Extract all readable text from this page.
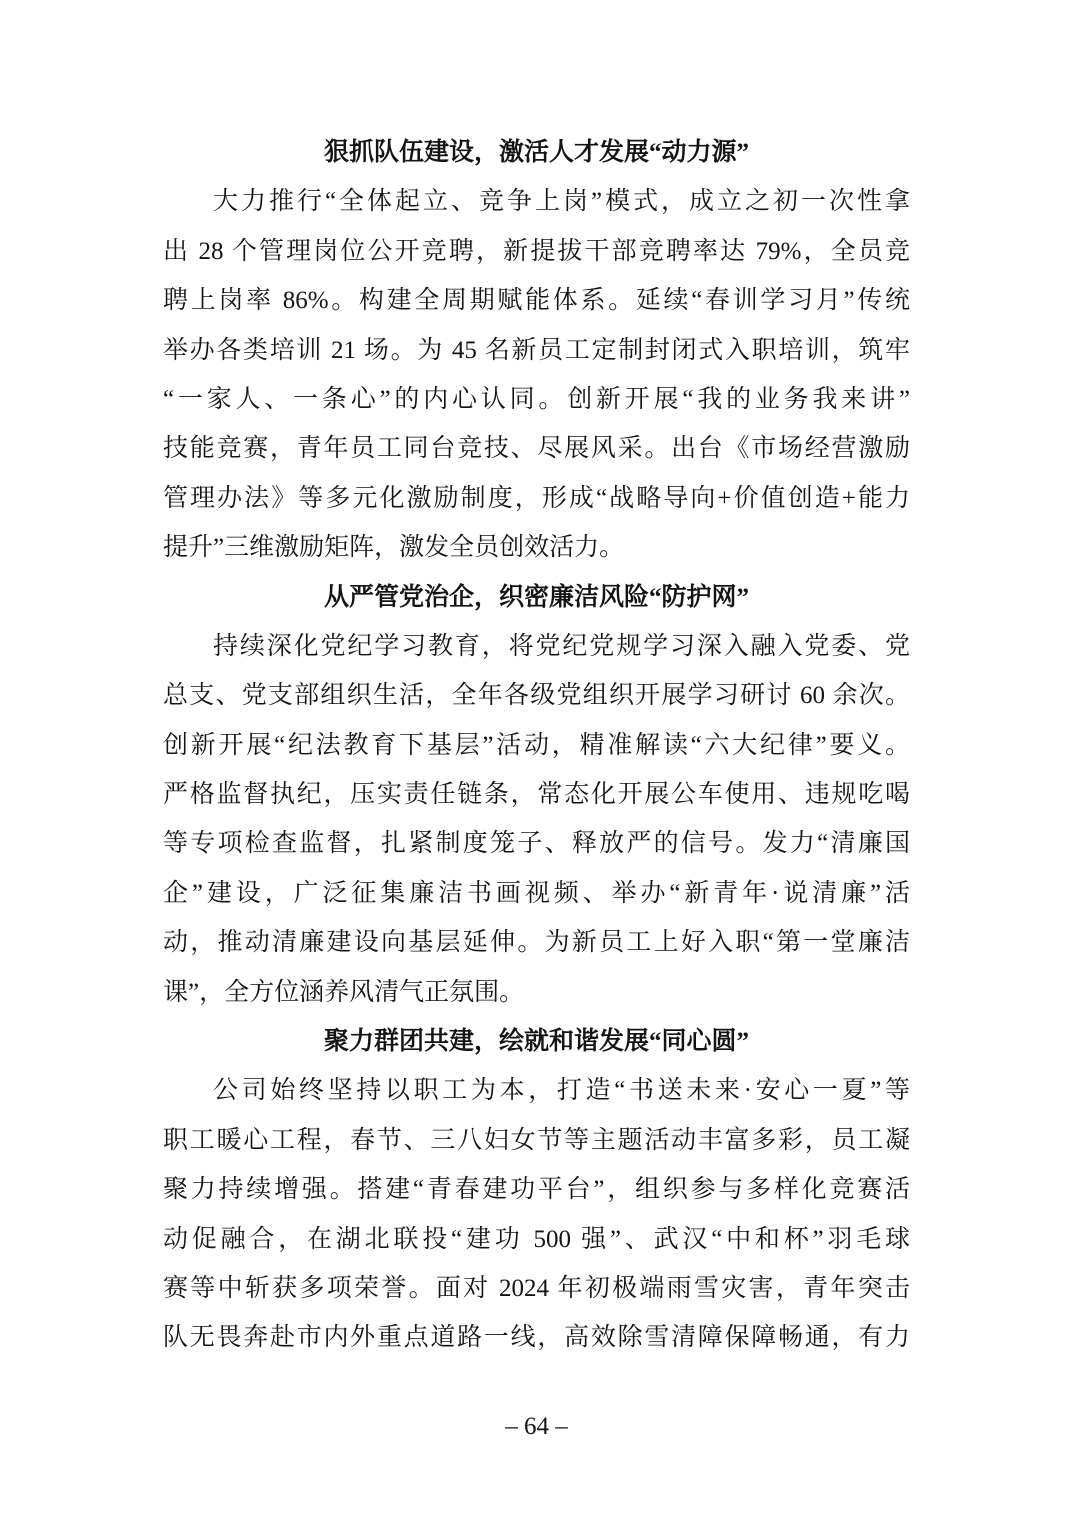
狠抓队伍建设，激活人才发展“动力源”
大力推行“全体起立、竞争上岗”模式，成立之初一次性拿
出 28 个管理岗位公开竞聘，新提拔干部竞聘率达 79%，全员竞
聘上岗率 86%。构建全周期赋能体系。延续“春训学习月”传统
举办各类培训 21 场。为 45 名新员工定制封闭式入职培训，筑牢
“一家人、一条心”的内心认同。创新开展“我的业务我来讲”
技能竞赛，青年员工同台竞技、尽展风采。出台《市场经营激励
管理办法》等多元化激励制度，形成“战略导向+价值创造+能力
提升”三维激励矩阵，激发全员创效活力。
从严管党治企，织密廉洁风险“防护网”
持续深化党纪学习教育，将党纪党规学习深入融入党委、党
总支、党支部组织生活，全年各级党组织开展学习研讨 60 余次。
创新开展“纪法教育下基层”活动，精准解读“六大纪律”要义。
严格监督执纪，压实责任链条，常态化开展公车使用、违规吃喝
等专项检查监督，扎紧制度笼子、释放严的信号。发力“清廉国
企”建设，广泛征集廉洁书画视频、举办“新青年·说清廉”活
动，推动清廉建设向基层延伸。为新员工上好入职“第一堂廉洁
课”，全方位涵养风清气正氛围。
聚力群团共建，绘就和谐发展“同心圆”
公司始终坚持以职工为本，打造“书送未来·安心一夏”等
职工暖心工程，春节、三八妇女节等主题活动丰富多彩，员工凝
聚力持续增强。搭建“青春建功平台”，组织参与多样化竞赛活
动促融合，在湖北联投“建功 500 强”、武汉“中和杯”羽毛球
赛等中斩获多项荣誉。面对 2024 年初极端雨雪灾害，青年突击
队无畏奔赴市内外重点道路一线，高效除雪清障保障畅通，有力
– 64 –
